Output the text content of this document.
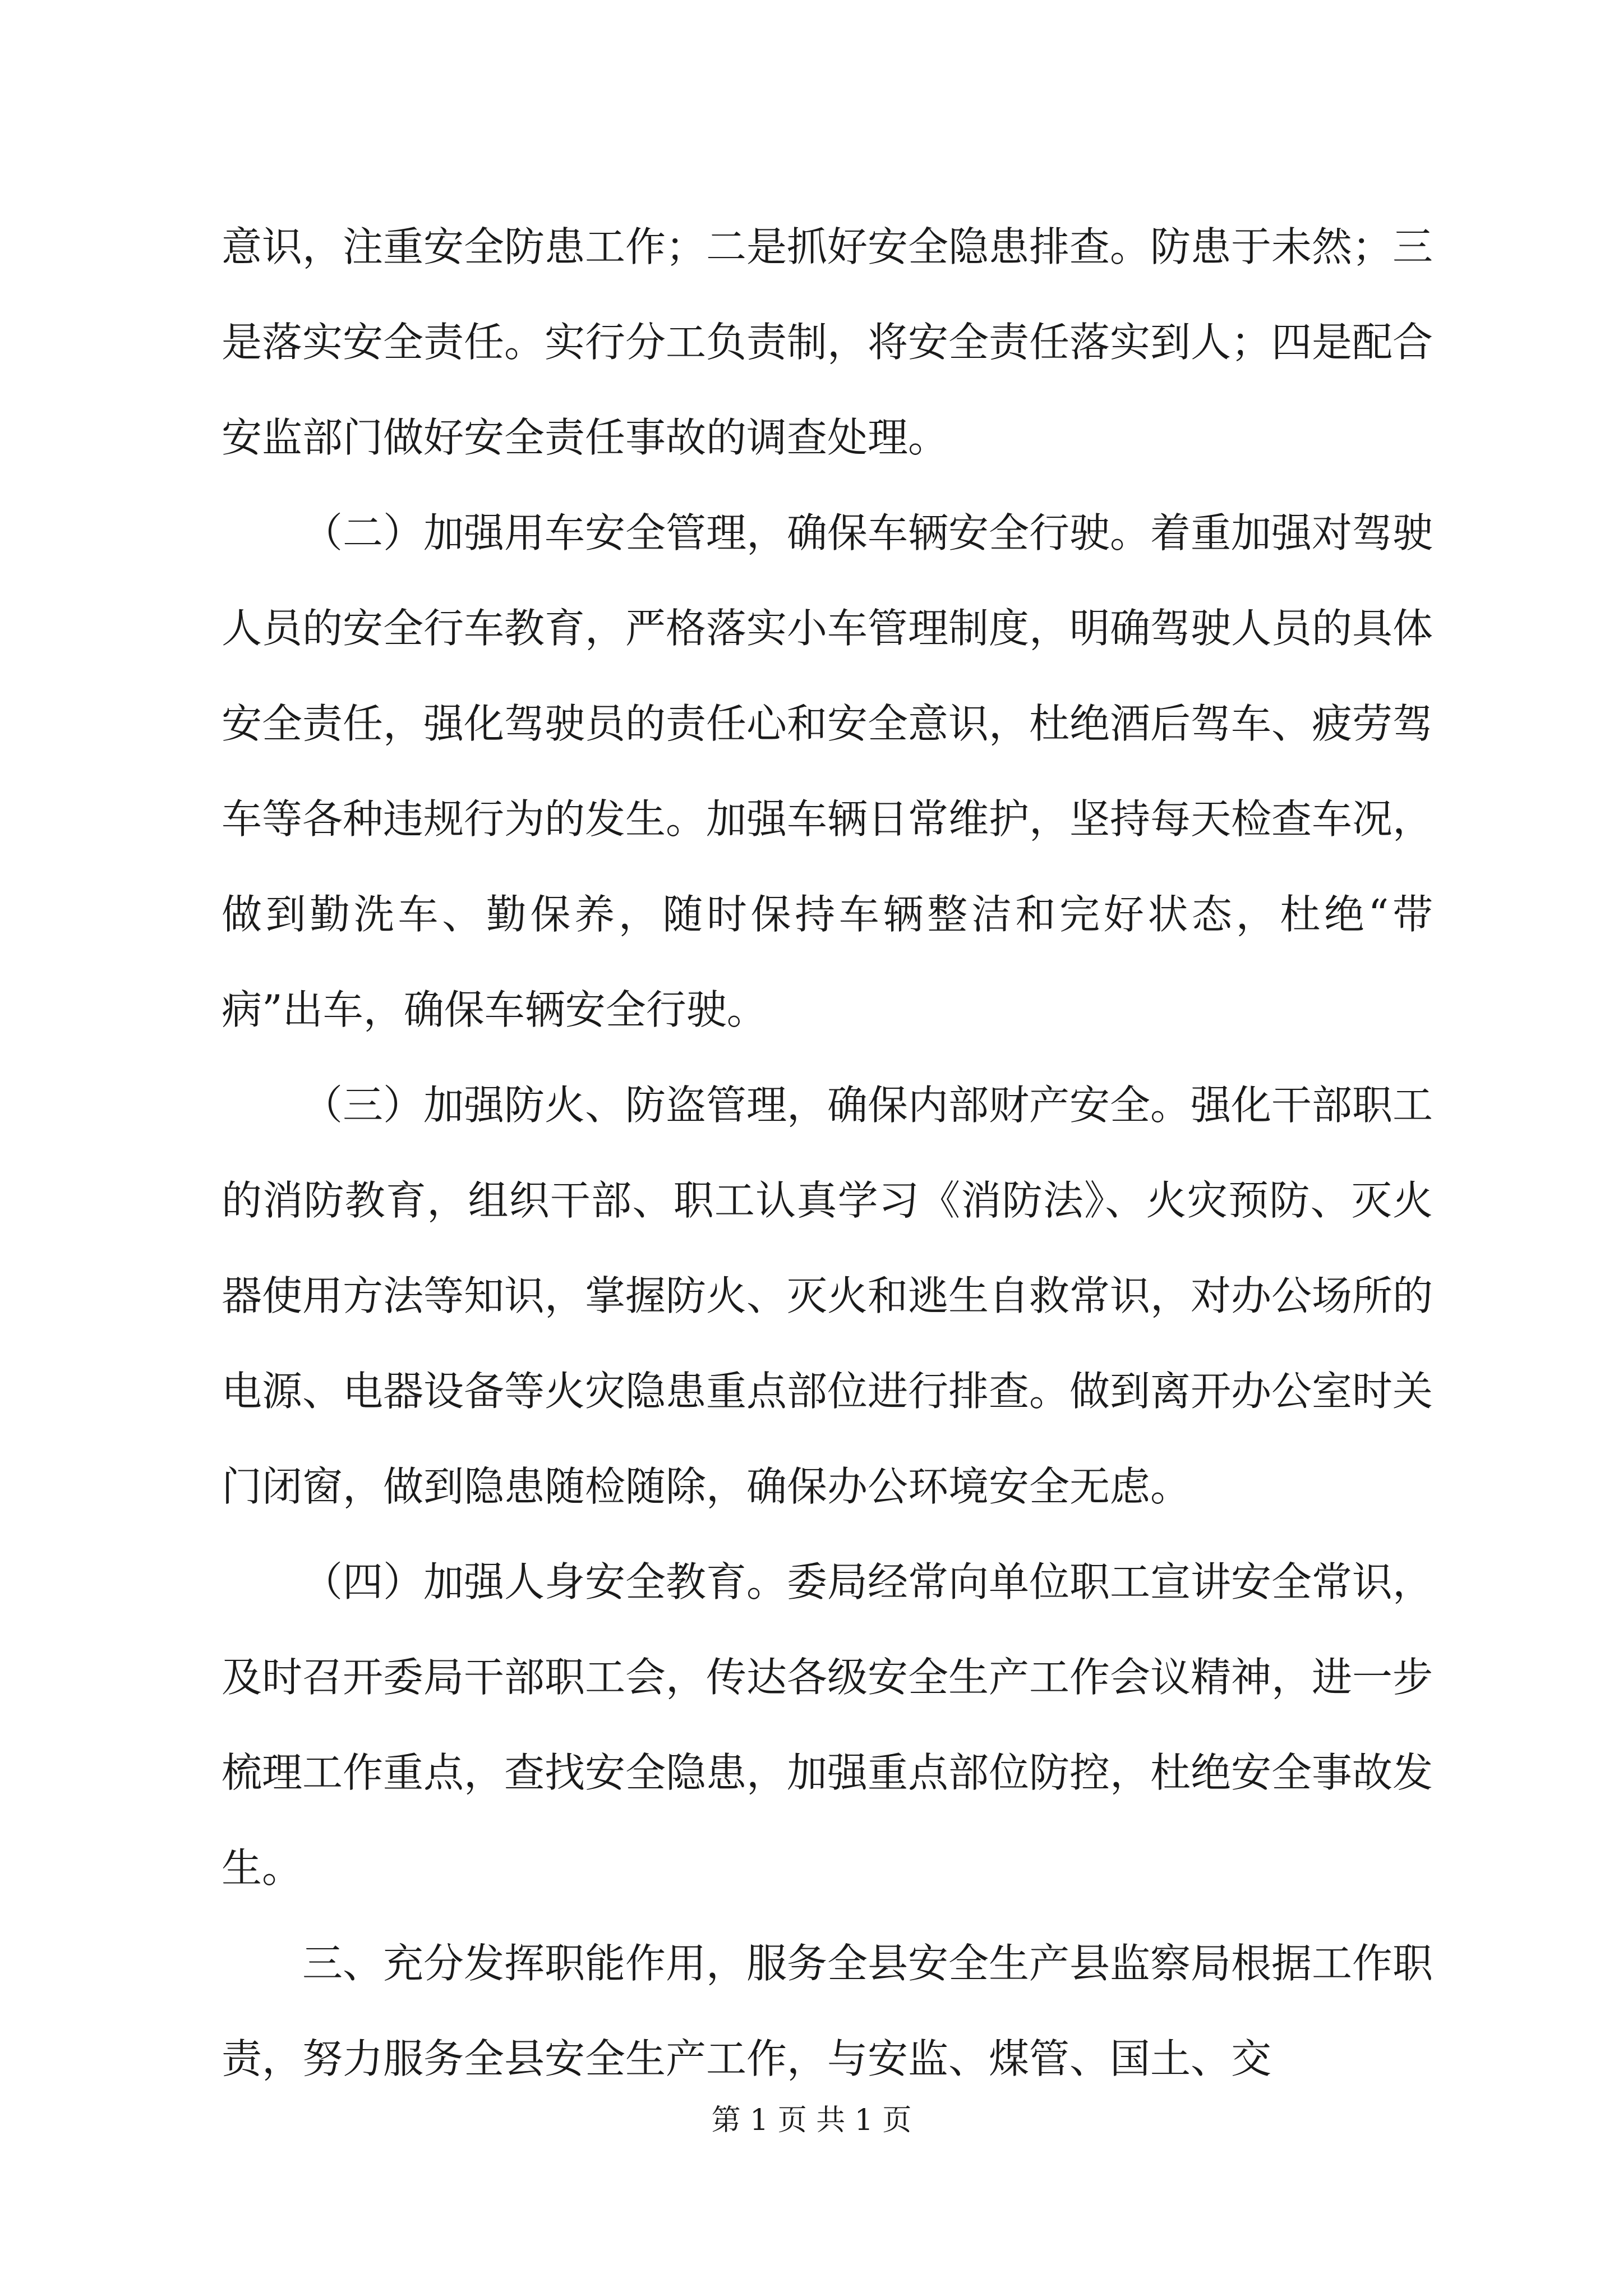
意识，注重安全防患工作；二是抓好安全隐患排查。防患于未然；三是落实安全责任。实行分工负责制，将安全责任落实到人；四是配合安监部门做好安全责任事故的调查处理。

（二）加强用车安全管理，确保车辆安全行驶。着重加强对驾驶人员的安全行车教育，严格落实小车管理制度，明确驾驶人员的具体安全责任，强化驾驶员的责任心和安全意识，杜绝酒后驾车、疲劳驾车等各种违规行为的发生。加强车辆日常维护，坚持每天检查车况，做到勤洗车、勤保养，随时保持车辆整洁和完好状态，杜绝“带病”出车，确保车辆安全行驶。

（三）加强防火、防盗管理，确保内部财产安全。强化干部职工的消防教育，组织干部、职工认真学习《消防法》、火灾预防、灭火器使用方法等知识，掌握防火、灭火和逃生自救常识，对办公场所的电源、电器设备等火灾隐患重点部位进行排查。做到离开办公室时关门闭窗，做到隐患随检随除，确保办公环境安全无虑。

（四）加强人身安全教育。委局经常向单位职工宣讲安全常识，及时召开委局干部职工会，传达各级安全生产工作会议精神，进一步梳理工作重点，查找安全隐患，加强重点部位防控，杜绝安全事故发生。

三、充分发挥职能作用，服务全县安全生产县监察局根据工作职责，努力服务全县安全生产工作，与安监、煤管、国土、交

第 1 页 共 1 页
